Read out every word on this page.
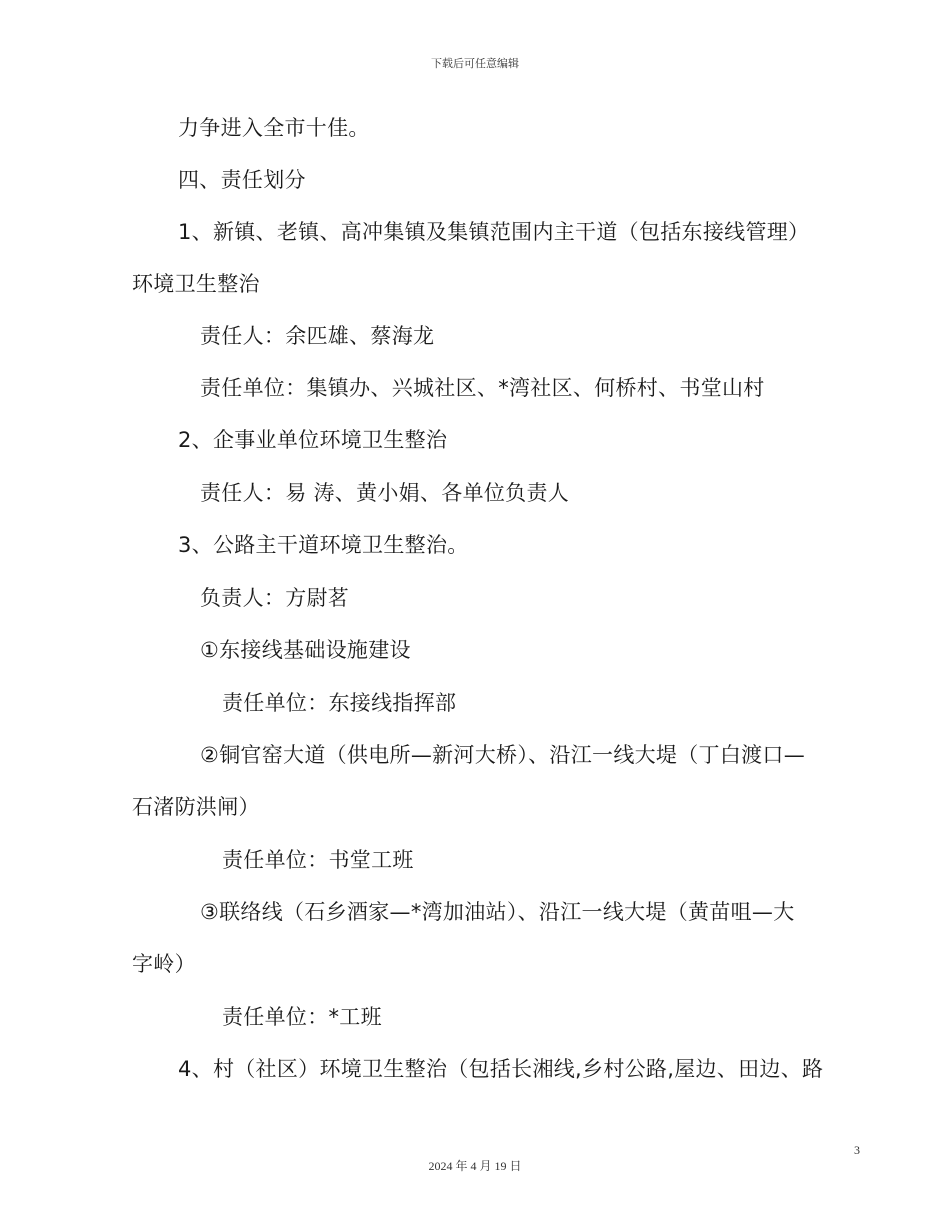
下载后可任意编辑
力争进入全市十佳。
四、责任划分
1、新镇、老镇、高冲集镇及集镇范围内主干道（包括东接线管理）
环境卫生整治
责任人：余匹雄、蔡海龙
责任单位：集镇办、兴城社区、*湾社区、何桥村、书堂山村
2、企事业单位环境卫生整治
责任人：易 涛、黄小娟、各单位负责人
3、公路主干道环境卫生整治。
负责人：方尉茗
①东接线基础设施建设
责任单位：东接线指挥部
②铜官窑大道（供电所—新河大桥）、沿江一线大堤（丁白渡口—
石渚防洪闸）
责任单位：书堂工班
③联络线（石乡酒家—*湾加油站）、沿江一线大堤（黄苗咀—大
字岭）
责任单位：*工班
4、村（社区）环境卫生整治（包括长湘线,乡村公路,屋边、田边、路
3
2024 年 4 月 19 日
